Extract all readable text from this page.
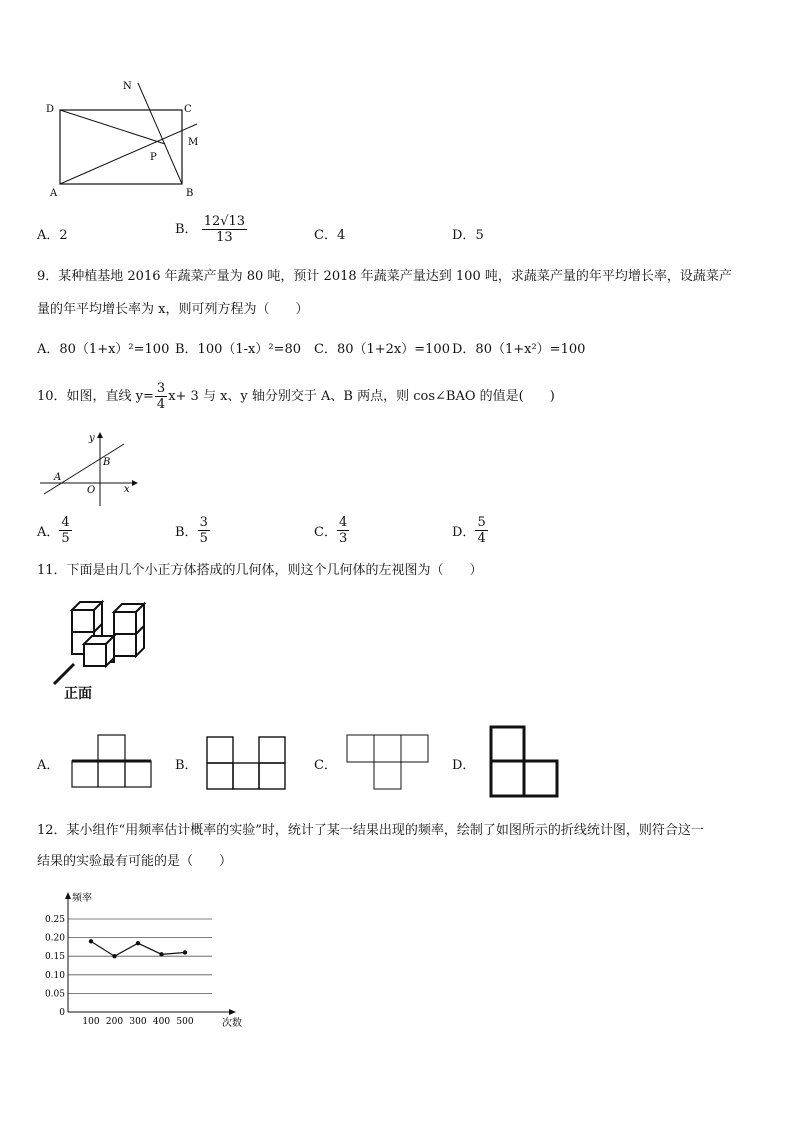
N
D	C
M
P
A	B
A．2	B． $\frac{12√13}{13}$	C．4	D．5
9．某种植基地 2016 年蔬菜产量为 80 吨，预计 2018 年蔬菜产量达到 100 吨，求蔬菜产量的年平均增长率，设蔬菜产
量的年平均增长率为 x，则可列方程为（　　）
A．80（1+x）²=100 B．100（1-x）²=80 C．80（1+2x）=100 D．80（1+x²）=100
10．如图，直线 $y= \frac{3}{4} x+ 3$ 与 x、y 轴分别交于 A、B 两点，则 cos∠BAO 的值是(　　)
y
x
A
B
O
A． $\frac{4}{5}$	B． $\frac{3}{5}$	C． $\frac{4}{3}$	D． $\frac{5}{4}$
11．下面是由几个小正方体搭成的几何体，则这个几何体的左视图为（　　）
正面
A．	B．	C．	D．
12．某小组作“用频率估计概率的实验”时，统计了某一结果出现的频率，绘制了如图所示的折线统计图，则符合这一
结果的实验最有可能的是（　　）
0
0.05
0.10
0.15
0.20
0.25
频率
次数
100 200 300 400 500
